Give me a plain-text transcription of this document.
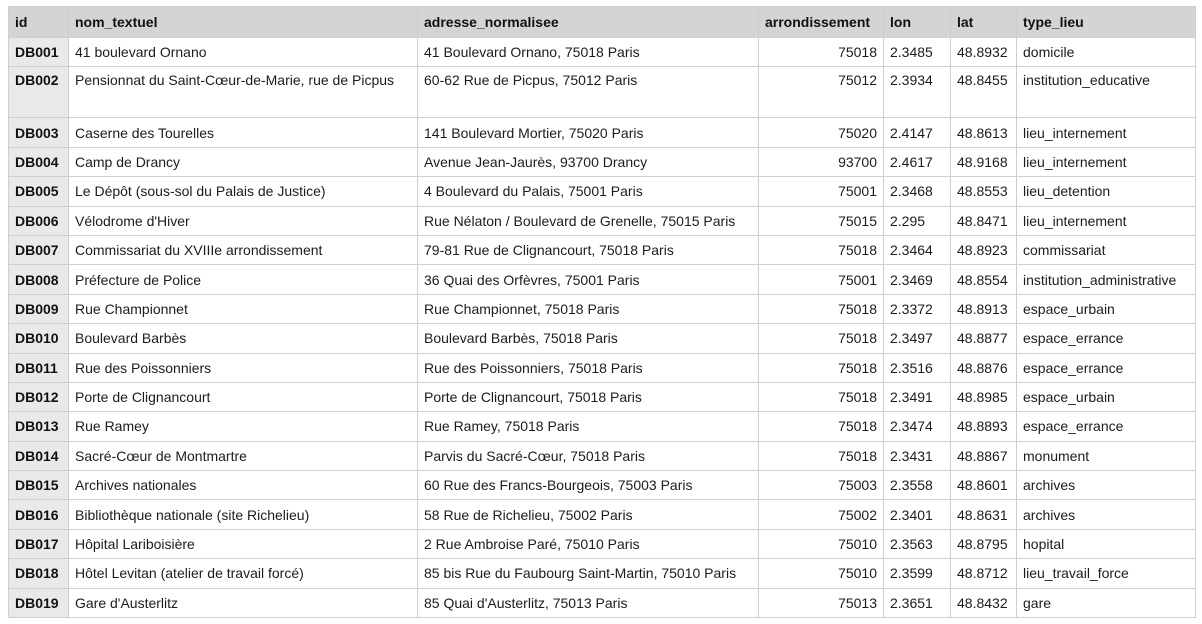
id	nom_textuel	adresse_normalisee	arrondissement	lon	lat	type_lieu
DB001	41 boulevard Ornano	41 Boulevard Ornano, 75018 Paris	75018	2.3485	48.8932	domicile
DB002	Pensionnat du Saint-Cœur-de-Marie, rue de Picpus	60-62 Rue de Picpus, 75012 Paris	75012	2.3934	48.8455	institution_educative
DB003	Caserne des Tourelles	141 Boulevard Mortier, 75020 Paris	75020	2.4147	48.8613	lieu_internement
DB004	Camp de Drancy	Avenue Jean-Jaurès, 93700 Drancy	93700	2.4617	48.9168	lieu_internement
DB005	Le Dépôt (sous-sol du Palais de Justice)	4 Boulevard du Palais, 75001 Paris	75001	2.3468	48.8553	lieu_detention
DB006	Vélodrome d'Hiver	Rue Nélaton / Boulevard de Grenelle, 75015 Paris	75015	2.295	48.8471	lieu_internement
DB007	Commissariat du XVIIIe arrondissement	79-81 Rue de Clignancourt, 75018 Paris	75018	2.3464	48.8923	commissariat
DB008	Préfecture de Police	36 Quai des Orfèvres, 75001 Paris	75001	2.3469	48.8554	institution_administrative
DB009	Rue Championnet	Rue Championnet, 75018 Paris	75018	2.3372	48.8913	espace_urbain
DB010	Boulevard Barbès	Boulevard Barbès, 75018 Paris	75018	2.3497	48.8877	espace_errance
DB011	Rue des Poissonniers	Rue des Poissonniers, 75018 Paris	75018	2.3516	48.8876	espace_errance
DB012	Porte de Clignancourt	Porte de Clignancourt, 75018 Paris	75018	2.3491	48.8985	espace_urbain
DB013	Rue Ramey	Rue Ramey, 75018 Paris	75018	2.3474	48.8893	espace_errance
DB014	Sacré-Cœur de Montmartre	Parvis du Sacré-Cœur, 75018 Paris	75018	2.3431	48.8867	monument
DB015	Archives nationales	60 Rue des Francs-Bourgeois, 75003 Paris	75003	2.3558	48.8601	archives
DB016	Bibliothèque nationale (site Richelieu)	58 Rue de Richelieu, 75002 Paris	75002	2.3401	48.8631	archives
DB017	Hôpital Lariboisière	2 Rue Ambroise Paré, 75010 Paris	75010	2.3563	48.8795	hopital
DB018	Hôtel Levitan (atelier de travail forcé)	85 bis Rue du Faubourg Saint-Martin, 75010 Paris	75010	2.3599	48.8712	lieu_travail_force
DB019	Gare d'Austerlitz	85 Quai d'Austerlitz, 75013 Paris	75013	2.3651	48.8432	gare
